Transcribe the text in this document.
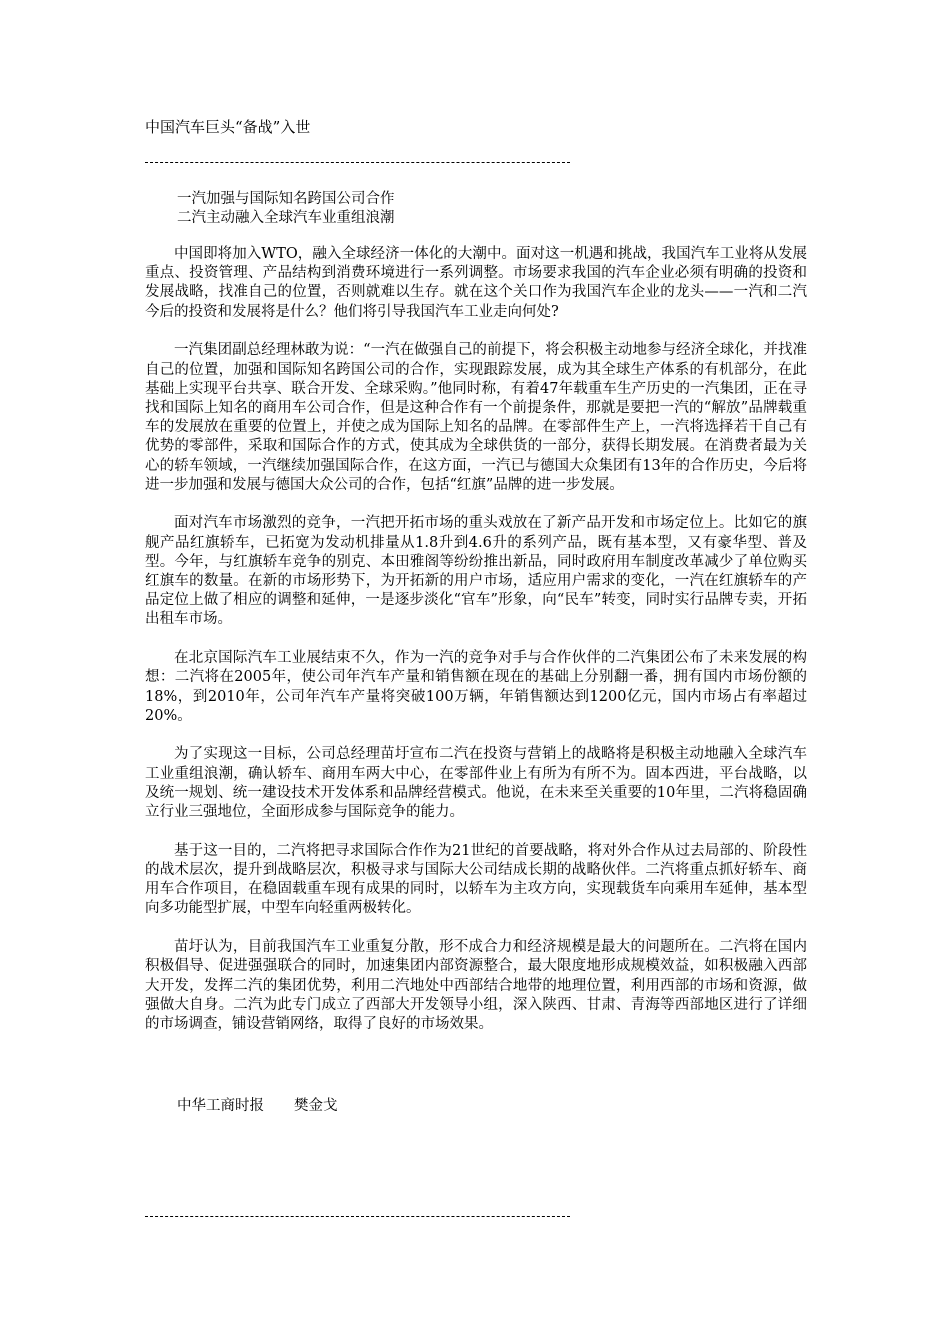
中国汽车巨头“备战”入世
一汽加强与国际知名跨国公司合作
二汽主动融入全球汽车业重组浪潮

中国即将加入WTO，融入全球经济一体化的大潮中。面对这一机遇和挑战，我国汽车工业将从发展重点、投资管理、产品结构到消费环境进行一系列调整。市场要求我国的汽车企业必须有明确的投资和发展战略，找准自己的位置，否则就难以生存。就在这个关口作为我国汽车企业的龙头——一汽和二汽今后的投资和发展将是什么？他们将引导我国汽车工业走向何处?

一汽集团副总经理林敢为说：“一汽在做强自己的前提下，将会积极主动地参与经济全球化，并找准自己的位置，加强和国际知名跨国公司的合作，实现跟踪发展，成为其全球生产体系的有机部分，在此基础上实现平台共享、联合开发、全球采购。”他同时称，有着47年载重车生产历史的一汽集团，正在寻找和国际上知名的商用车公司合作，但是这种合作有一个前提条件，那就是要把一汽的“解放”品牌载重车的发展放在重要的位置上，并使之成为国际上知名的品牌。在零部件生产上，一汽将选择若干自己有优势的零部件，采取和国际合作的方式，使其成为全球供货的一部分，获得长期发展。在消费者最为关心的轿车领域，一汽继续加强国际合作，在这方面，一汽已与德国大众集团有13年的合作历史，今后将进一步加强和发展与德国大众公司的合作，包括“红旗”品牌的进一步发展。

面对汽车市场激烈的竞争，一汽把开拓市场的重头戏放在了新产品开发和市场定位上。比如它的旗舰产品红旗轿车，已拓宽为发动机排量从1.8升到4.6升的系列产品，既有基本型，又有豪华型、普及型。今年，与红旗轿车竞争的别克、本田雅阁等纷纷推出新品，同时政府用车制度改革减少了单位购买红旗车的数量。在新的市场形势下，为开拓新的用户市场，适应用户需求的变化，一汽在红旗轿车的产品定位上做了相应的调整和延伸，一是逐步淡化“官车”形象，向“民车”转变，同时实行品牌专卖，开拓出租车市场。

在北京国际汽车工业展结束不久，作为一汽的竞争对手与合作伙伴的二汽集团公布了未来发展的构想：二汽将在2005年，使公司年汽车产量和销售额在现在的基础上分别翻一番，拥有国内市场份额的18%，到2010年，公司年汽车产量将突破100万辆，年销售额达到1200亿元，国内市场占有率超过20%。

为了实现这一目标，公司总经理苗圩宣布二汽在投资与营销上的战略将是积极主动地融入全球汽车工业重组浪潮，确认轿车、商用车两大中心，在零部件业上有所为有所不为。固本西进，平台战略，以及统一规划、统一建设技术开发体系和品牌经营模式。他说，在未来至关重要的10年里，二汽将稳固确立行业三强地位，全面形成参与国际竞争的能力。

基于这一目的，二汽将把寻求国际合作作为21世纪的首要战略，将对外合作从过去局部的、阶段性的战术层次，提升到战略层次，积极寻求与国际大公司结成长期的战略伙伴。二汽将重点抓好轿车、商用车合作项目，在稳固载重车现有成果的同时，以轿车为主攻方向，实现载货车向乘用车延伸，基本型向多功能型扩展，中型车向轻重两极转化。

苗圩认为，目前我国汽车工业重复分散，形不成合力和经济规模是最大的问题所在。二汽将在国内积极倡导、促进强强联合的同时，加速集团内部资源整合，最大限度地形成规模效益，如积极融入西部大开发，发挥二汽的集团优势，利用二汽地处中西部结合地带的地理位置，利用西部的市场和资源，做强做大自身。二汽为此专门成立了西部大开发领导小组，深入陕西、甘肃、青海等西部地区进行了详细的市场调查，铺设营销网络，取得了良好的市场效果。

中华工商时报 樊金戈
